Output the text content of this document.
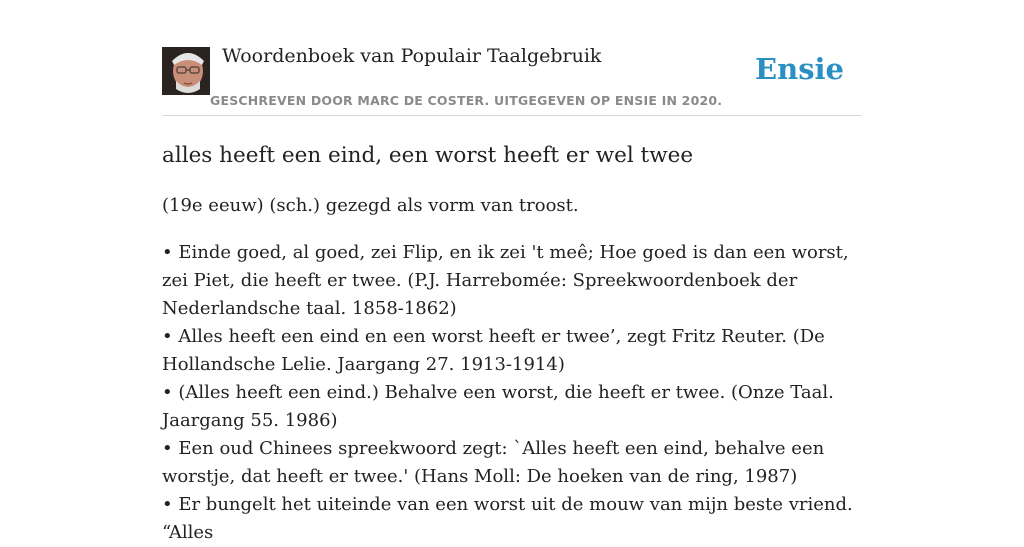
Woordenboek van Populair Taalgebruik
GESCHREVEN DOOR MARC DE COSTER. UITGEGEVEN OP ENSIE IN 2020.
Ensie
alles heeft een eind, een worst heeft er wel twee

(19e eeuw) (sch.) gezegd als vorm van troost.

• Einde goed, al goed, zei Flip, en ik zei 't meê; Hoe goed is dan een worst, zei Piet, die heeft er twee. (P.J. Harrebomée: Spreekwoordenboek der Nederlandsche taal. 1858-1862)

• Alles heeft een eind en een worst heeft er twee’, zegt Fritz Reuter. (De Hollandsche Lelie. Jaargang 27. 1913-1914)

• (Alles heeft een eind.) Behalve een worst, die heeft er twee. (Onze Taal. Jaargang 55. 1986)

• Een oud Chinees spreekwoord zegt: `Alles heeft een eind, behalve een worstje, dat heeft er twee.' (Hans Moll: De hoeken van de ring, 1987)

• Er bungelt het uiteinde van een worst uit de mouw van mijn beste vriend. “Alles
